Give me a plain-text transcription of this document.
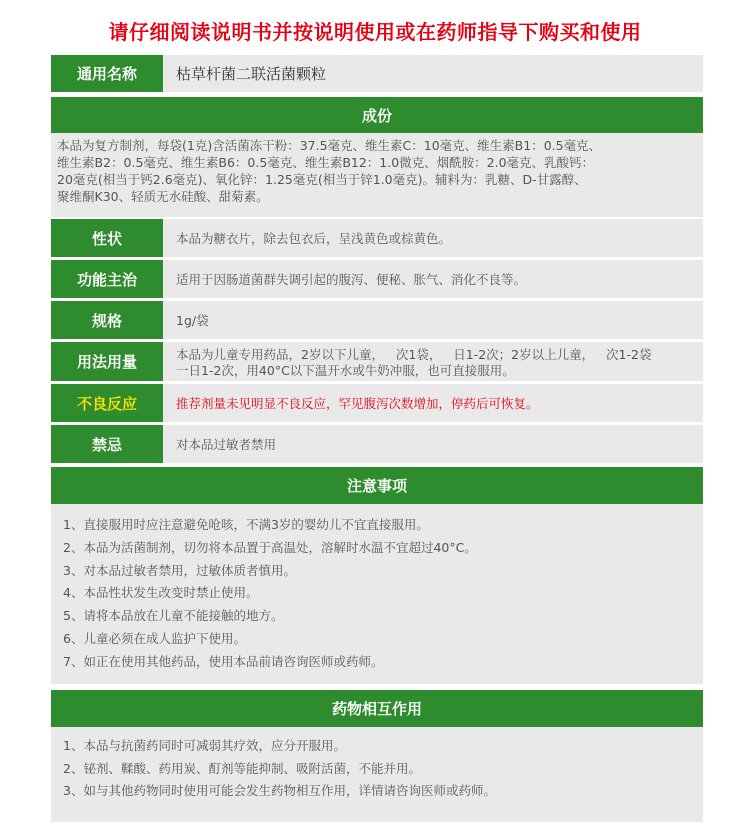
请仔细阅读说明书并按说明使用或在药师指导下购买和使用
通用名称	枯草杆菌二联活菌颗粒
成份
本品为复方制剂，每袋(1克)含活菌冻干粉：37.5毫克、维生素C：10毫克、维生素B1：0.5毫克、
维生素B2：0.5毫克、维生素B6：0.5毫克、维生素B12：1.0微克、烟酰胺：2.0毫克、乳酸钙：
20毫克(相当于钙2.6毫克)、氧化锌：1.25毫克(相当于锌1.0毫克)。辅料为：乳糖、D-甘露醇、
聚维酮K30、轻质无水硅酸、甜菊素。
性状	本品为糖衣片，除去包衣后，呈浅黄色或棕黄色。
功能主治	适用于因肠道菌群失调引起的腹泻、便秘、胀气、消化不良等。
规格	1g/袋
用法用量	本品为儿童专用药品，2岁以下儿童，   次1袋，   日1-2次；2岁以上儿童，   次1-2袋
一日1-2次，用40°C以下温开水或牛奶冲服，也可直接服用。
不良反应	推荐剂量未见明显不良反应，罕见腹泻次数增加，停药后可恢复。
禁忌	对本品过敏者禁用
注意事项
1、直接服用时应注意避免呛咳，不满3岁的婴幼儿不宜直接服用。
2、本品为活菌制剂，切勿将本品置于高温处，溶解时水温不宜超过40°C。
3、对本品过敏者禁用，过敏体质者慎用。
4、本品性状发生改变时禁止使用。
5、请将本品放在儿童不能接触的地方。
6、儿童必须在成人监护下使用。
7、如正在使用其他药品，使用本品前请咨询医师或药师。
药物相互作用
1、本品与抗菌药同时可减弱其疗效，应分开服用。
2、铋剂、鞣酸、药用炭、酊剂等能抑制、吸附活菌，不能并用。
3、如与其他药物同时使用可能会发生药物相互作用，详情请咨询医师或药师。
